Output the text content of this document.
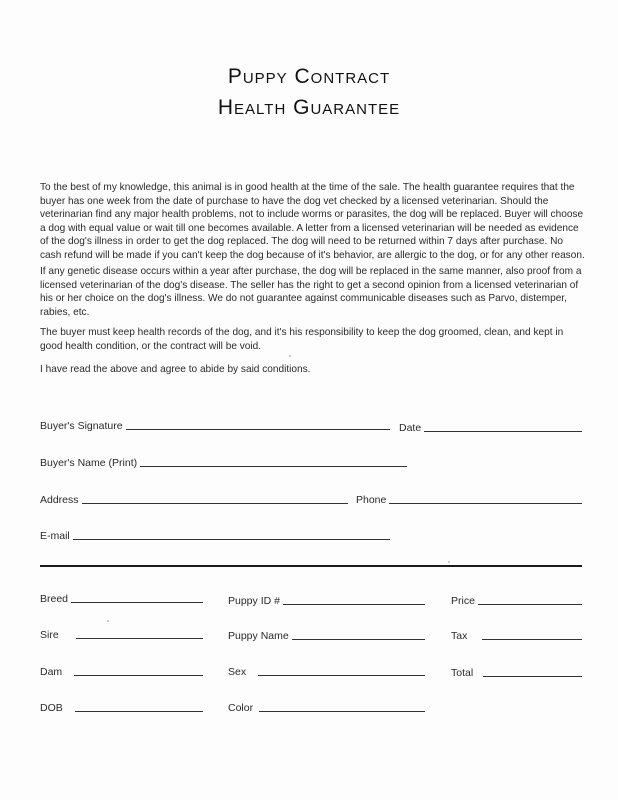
Puppy Contract
Health Guarantee

To the best of my knowledge, this animal is in good health at the time of the sale. The health guarantee requires that the buyer has one week from the date of purchase to have the dog vet checked by a licensed veterinarian. Should the veterinarian find any major health problems, not to include worms or parasites, the dog will be replaced. Buyer will choose a dog with equal value or wait till one becomes available. A letter from a licensed veterinarian will be needed as evidence of the dog's illness in order to get the dog replaced. The dog will need to be returned within 7 days after purchase. No cash refund will be made if you can't keep the dog because of it's behavior, are allergic to the dog, or for any other reason.

If any genetic disease occurs within a year after purchase, the dog will be replaced in the same manner, also proof from a licensed veterinarian of the dog's disease. The seller has the right to get a second opinion from a licensed veterinarian of his or her choice on the dog's illness. We do not guarantee against communicable diseases such as Parvo, distemper, rabies, etc.

The buyer must keep health records of the dog, and it's his responsibility to keep the dog groomed, clean, and kept in good health condition, or the contract will be void.

I have read the above and agree to abide by said conditions.

Buyer's Signature	Date
Buyer's Name (Print)
Address	Phone
E-mail
Breed	Puppy ID #	Price
Sire	Puppy Name	Tax
Dam	Sex	Total
DOB	Color
